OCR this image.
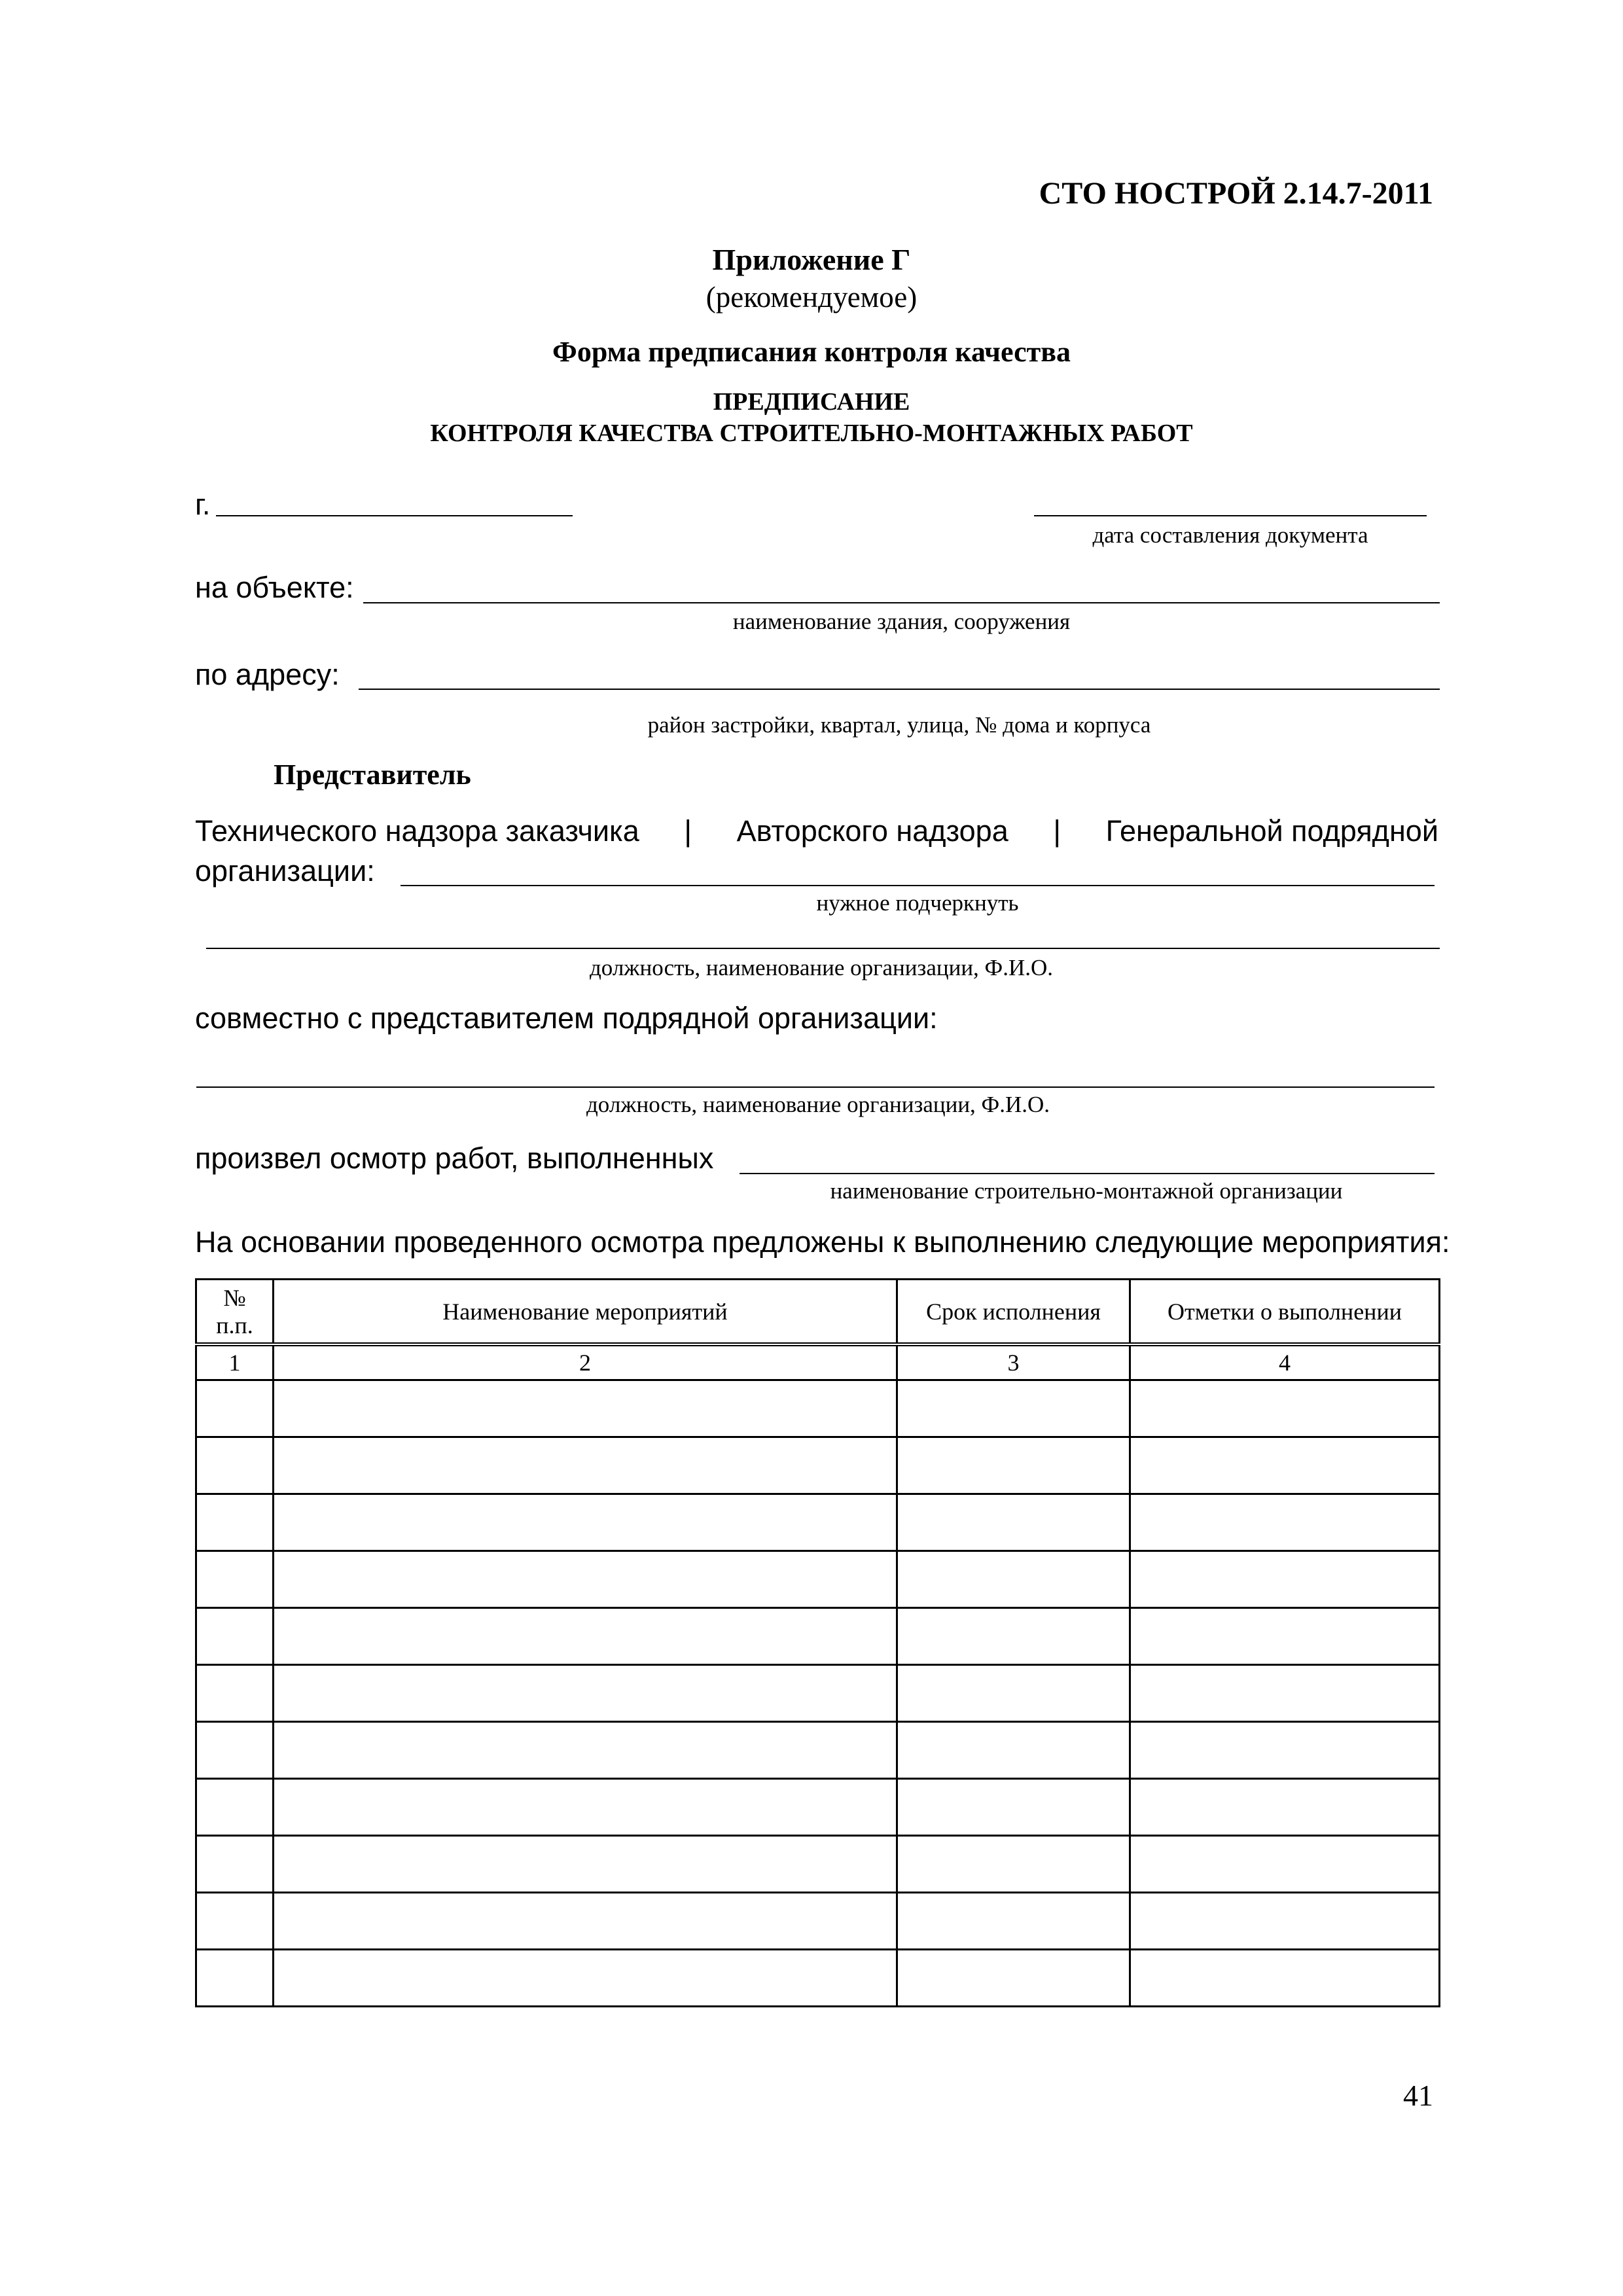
СТО НОСТРОЙ 2.14.7-2011
Приложение Г
(рекомендуемое)
Форма предписания контроля качества
ПРЕДПИСАНИЕ
КОНТРОЛЯ КАЧЕСТВА СТРОИТЕЛЬНО-МОНТАЖНЫХ РАБОТ
г.
дата составления документа
на объекте:
наименование здания, сооружения
по адресу:
район застройки, квартал, улица, № дома и корпуса
Представитель
Технического надзора заказчика | Авторского надзора | Генеральной подрядной
организации:
нужное подчеркнуть
должность, наименование организации, Ф.И.О.
совместно с представителем подрядной организации:
должность, наименование организации, Ф.И.О.
произвел осмотр работ, выполненных
наименование строительно-монтажной организации
На основании проведенного осмотра предложены к выполнению следующие мероприятия:
№
п.п.	Наименование мероприятий	Срок исполнения	Отметки о выполнении
1	2	3	4

41
